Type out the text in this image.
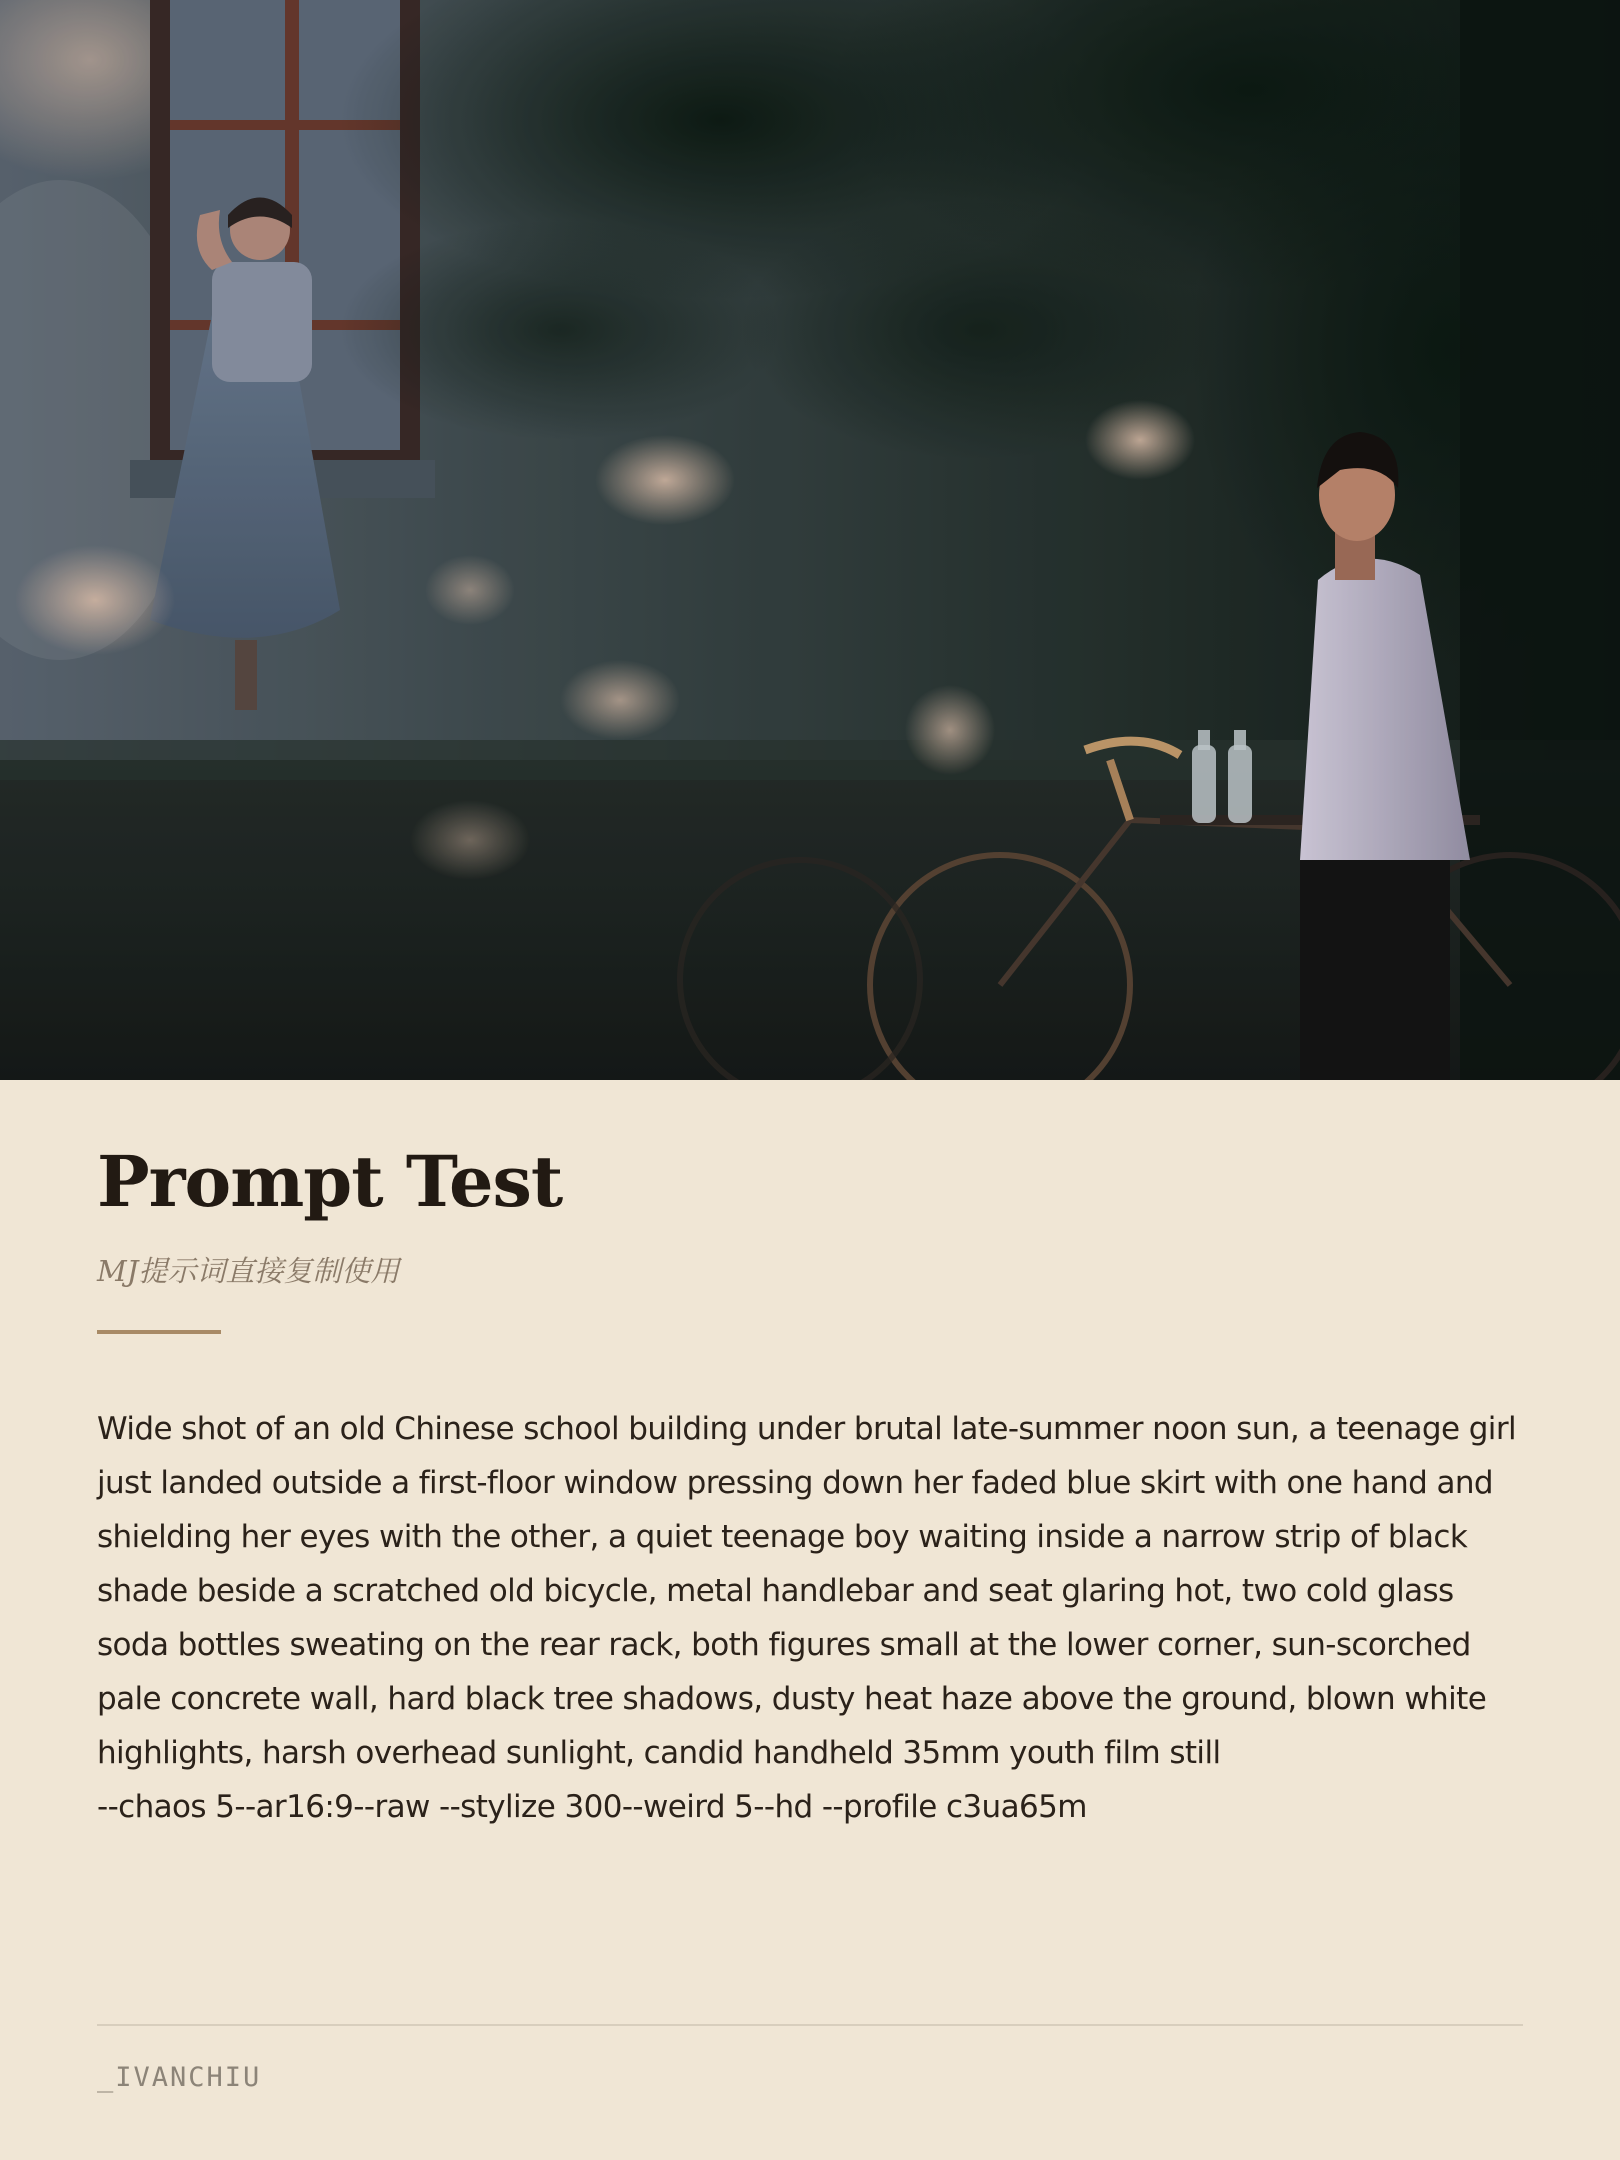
Prompt Test

MJ提示词直接复制使用

Wide shot of an old Chinese school building under brutal late-summer noon sun, a teenage girl just landed outside a first-floor window pressing down her faded blue skirt with one hand and shielding her eyes with the other, a quiet teenage boy waiting inside a narrow strip of black shade beside a scratched old bicycle, metal handlebar and seat glaring hot, two cold glass soda bottles sweating on the rear rack, both figures small at the lower corner, sun-scorched pale concrete wall, hard black tree shadows, dusty heat haze above the ground, blown white highlights, harsh overhead sunlight, candid handheld 35mm youth film still
--chaos 5--ar16:9--raw --stylize 300--weird 5--hd --profile c3ua65m

_IVANCHIU
